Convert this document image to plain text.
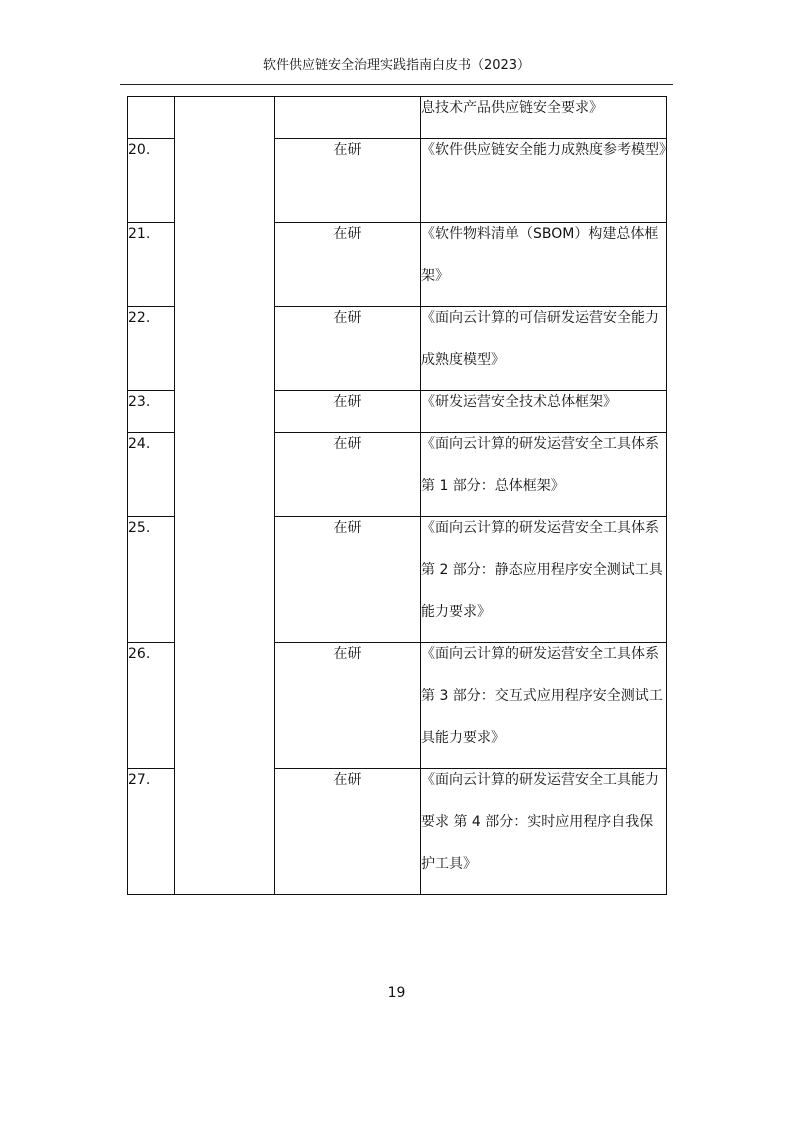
软件供应链安全治理实践指南白皮书（2023）

			息技术产品供应链安全要求》

20.		在研	《软件供应链安全能力成熟度参考模型》

21.		在研	《软件物料清单（SBOM）构建总体框架》

22.		在研	《面向云计算的可信研发运营安全能力成熟度模型》

23.		在研	《研发运营安全技术总体框架》

24.		在研	《面向云计算的研发运营安全工具体系 第 1 部分：总体框架》

25.		在研	《面向云计算的研发运营安全工具体系 第 2 部分：静态应用程序安全测试工具能力要求》

26.		在研	《面向云计算的研发运营安全工具体系 第 3 部分：交互式应用程序安全测试工具能力要求》

27.		在研	《面向云计算的研发运营安全工具能力要求 第 4 部分：实时应用程序自我保护工具》
19
